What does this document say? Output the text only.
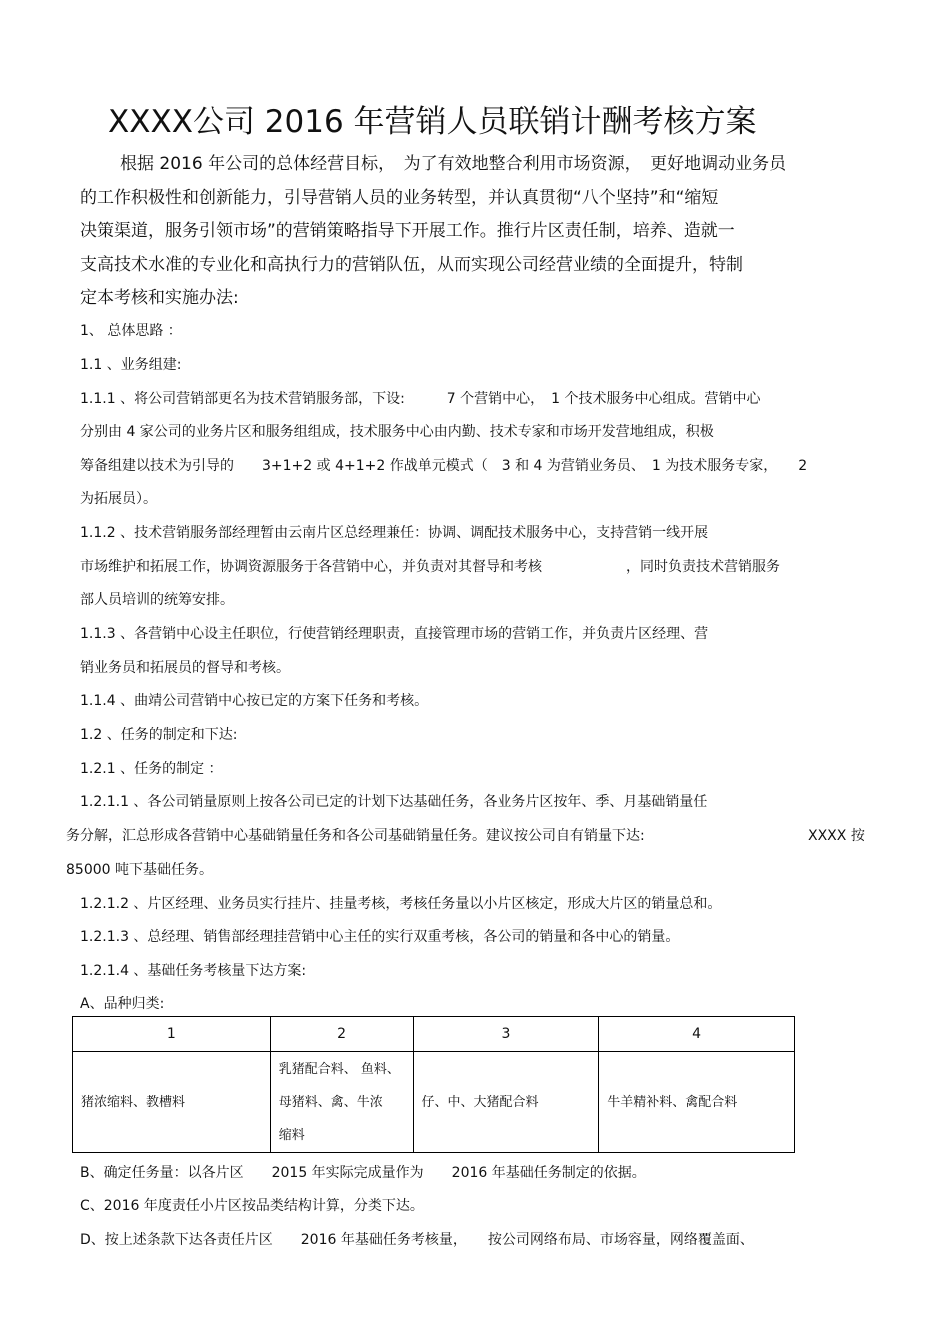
XXXX公司 2016 年营销人员联销计酬考核方案
根据 2016 年公司的总体经营目标，　为了有效地整合利用市场资源，　更好地调动业务员
的工作积极性和创新能力，引导营销人员的业务转型，并认真贯彻“八个坚持”和“缩短
决策渠道，服务引领市场”的营销策略指导下开展工作。推行片区责任制，培养、造就一
支高技术水准的专业化和高执行力的营销队伍，从而实现公司经营业绩的全面提升，特制
定本考核和实施办法:
1、 总体思路 ：
1.1 、业务组建:
1.1.1 、将公司营销部更名为技术营销服务部，下设:　　　7 个营销中心，　1 个技术服务中心组成。营销中心
分别由 4 家公司的业务片区和服务组组成，技术服务中心由内勤、技术专家和市场开发营地组成，积极
筹备组建以技术为引导的　　3+1+2 或 4+1+2 作战单元模式（　3 和 4 为营销业务员、　1 为技术服务专家，　　2
为拓展员）。
1.1.2 、技术营销服务部经理暂由云南片区总经理兼任：协调、调配技术服务中心，支持营销一线开展
市场维护和拓展工作，协调资源服务于各营销中心，并负责对其督导和考核　　　　　　，同时负责技术营销服务
部人员培训的统筹安排。
1.1.3 、各营销中心设主任职位，行使营销经理职责，直接管理市场的营销工作，并负责片区经理、营
销业务员和拓展员的督导和考核。
1.1.4 、曲靖公司营销中心按已定的方案下任务和考核。
1.2 、任务的制定和下达:
1.2.1 、任务的制定 ：
1.2.1.1 、各公司销量原则上按各公司已定的计划下达基础任务，各业务片区按年、季、月基础销量任
务分解，汇总形成各营销中心基础销量任务和各公司基础销量任务。建议按公司自有销量下达:	XXXX 按
85000 吨下基础任务。
1.2.1.2 、片区经理、业务员实行挂片、挂量考核，考核任务量以小片区核定，形成大片区的销量总和。
1.2.1.3 、总经理、销售部经理挂营销中心主任的实行双重考核，各公司的销量和各中心的销量。
1.2.1.4 、基础任务考核量下达方案:
A、品种归类:
1	2	3	4
猪浓缩料、教槽料	乳猪配合料、 鱼料、
母猪料、禽、牛浓
缩料	仔、中、大猪配合料	牛羊精补料、禽配合料
B、确定任务量：以各片区　　2015 年实际完成量作为　　2016 年基础任务制定的依据。
C、2016 年度责任小片区按品类结构计算，分类下达。
D、按上述条款下达各责任片区　　2016 年基础任务考核量，　　按公司网络布局、市场容量，网络覆盖面、
